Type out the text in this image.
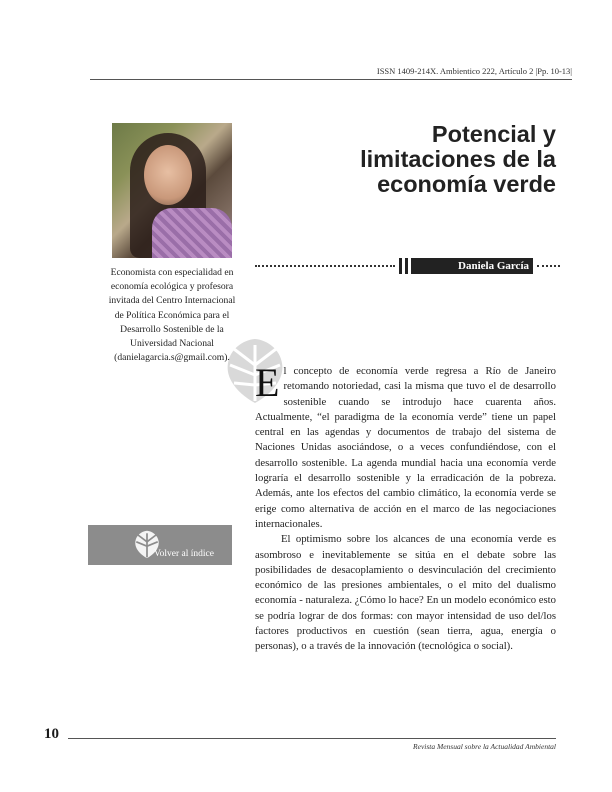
ISSN 1409-214X. Ambientico 222, Artículo 2 |Pp. 10-13|
Economista con especialidad en economía ecológica y profesora invitada del Centro Internacional de Política Económica para el Desarrollo Sostenible de la Universidad Nacional (danielagarcia.s@gmail.com).
Potencial y limitaciones de la economía verde
Daniela García

El concepto de economía verde regresa a Río de Janeiro retomando notoriedad, casi la misma que tuvo el de desarrollo sostenible cuando se introdujo hace cuarenta años. Actualmente, “el paradigma de la economía verde” tiene un papel central en las agendas y documentos de trabajo del sistema de Naciones Unidas asociándose, o a veces confundiéndose, con el desarrollo sostenible. La agenda mundial hacia una economía verde lograría el desarrollo sostenible y la erradicación de la pobreza. Además, ante los efectos del cambio climático, la economía verde se erige como alternativa de acción en el marco de las negociaciones internacionales.

El optimismo sobre los alcances de una economía verde es asombroso e inevitablemente se sitúa en el debate sobre las posibilidades de desacoplamiento o desvinculación del crecimiento económico de las presiones ambientales, o el mito del dualismo economía - naturaleza. ¿Cómo lo hace? En un modelo económico esto se podría lograr de dos formas: con mayor intensidad de uso del/los factores productivos en cuestión (sean tierra, agua, energía o personas), o a través de la innovación (tecnológica o social).

Volver al índice
10
Revista Mensual sobre la Actualidad Ambiental
